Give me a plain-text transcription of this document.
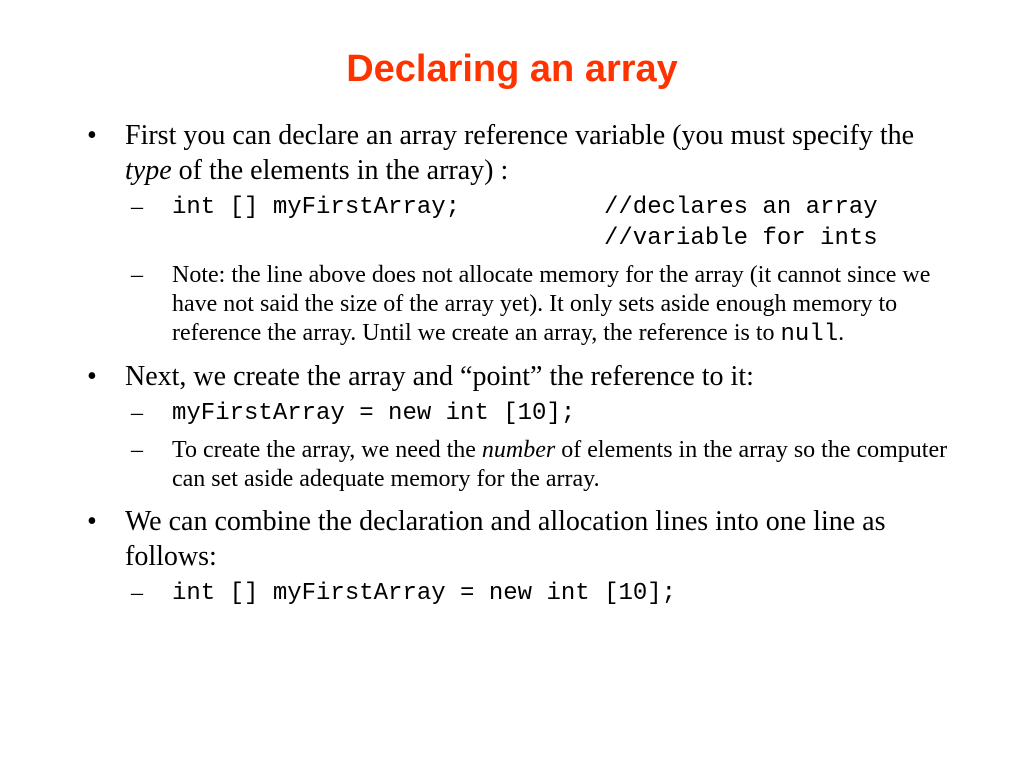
Declaring an array
• First you can declare an array reference variable (you must specify the type of the elements in the array) :
– int [] myFirstArray;	//declares an array
//variable for ints
– Note: the line above does not allocate memory for the array (it cannot since we have not said the size of the array yet). It only sets aside enough memory to reference the array. Until we create an array, the reference is to null.
• Next, we create the array and “point” the reference to it:
– myFirstArray = new int [10];
– To create the array, we need the number of elements in the array so the computer can set aside adequate memory for the array.
• We can combine the declaration and allocation lines into one line as follows:
– int [] myFirstArray = new int [10];
